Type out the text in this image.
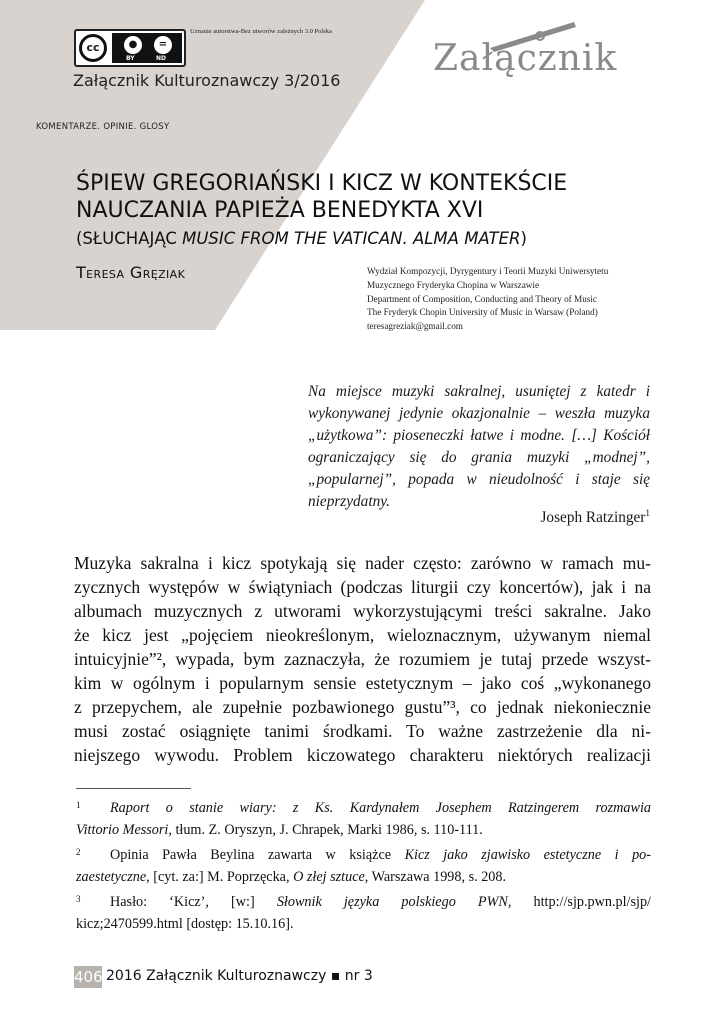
cc	●	=
BY	ND
Uznanie autorstwa-Bez utworów zależnych 3.0 Polska
Załącznik Kulturoznawczy 3/2016
Załącznik
KOMENTARZE. OPINIE. GLOSY
ŚPIEW GREGORIAŃSKI I KICZ W KONTEKŚCIE
NAUCZANIA PAPIEŻA BENEDYKTA XVI
(SŁUCHAJĄC MUSIC FROM THE VATICAN. ALMA MATER)
Teresa Gręziak	Wydział Kompozycji, Dyrygentury i Teorii Muzyki Uniwersytetu
Muzycznego Fryderyka Chopina w Warszawie
Department of Composition, Conducting and Theory of Music
The Fryderyk Chopin University of Music in Warsaw (Poland)
teresagreziak@gmail.com
Na miejsce muzyki sakralnej, usuniętej z katedr i wykonywanej jedynie okazjonalnie – weszła muzyka „użytkowa”: pioseneczki łatwe i modne. […] Kościół ograniczający się do grania muzyki „modnej”, „popularnej”, popada w nieudolność i staje się nieprzydatny.
Joseph Ratzinger$^1$
Muzyka sakralna i kicz spotykają się nader często: zarówno w ramach mu-
zycznych występów w świątyniach (podczas liturgii czy koncertów), jak i na
albumach muzycznych z utworami wykorzystującymi treści sakralne. Jako
że kicz jest „pojęciem nieokreślonym, wieloznacznym, używanym niemal
intuicyjnie”², wypada, bym zaznaczyła, że rozumiem je tutaj przede wszyst-
kim w ogólnym i popularnym sensie estetycznym – jako coś „wykonanego
z przepychem, ale zupełnie pozbawionego gustu”³, co jednak niekoniecznie
musi zostać osiągnięte tanimi środkami. To ważne zastrzeżenie dla ni-
niejszego wywodu. Problem kiczowatego charakteru niektórych realizacji
$^1$ Raport o stanie wiary: z Ks. Kardynałem Josephem Ratzingerem rozmawia
Vittorio Messori, tłum. Z. Oryszyn, J. Chrapek, Marki 1986, s. 110-111.
$^2$ Opinia Pawła Beylina zawarta w książce Kicz jako zjawisko estetyczne i po-
zaestetyczne, [cyt. za:] M. Poprzęcka, O złej sztuce, Warszawa 1998, s. 208.
$^3$ Hasło: ‘Kicz’, [w:] Słownik języka polskiego PWN, http://sjp.pwn.pl/sjp/
kicz;2470599.html [dostęp: 15.10.16].
406 2016 Załącznik Kulturoznawczy ▪ nr 3
